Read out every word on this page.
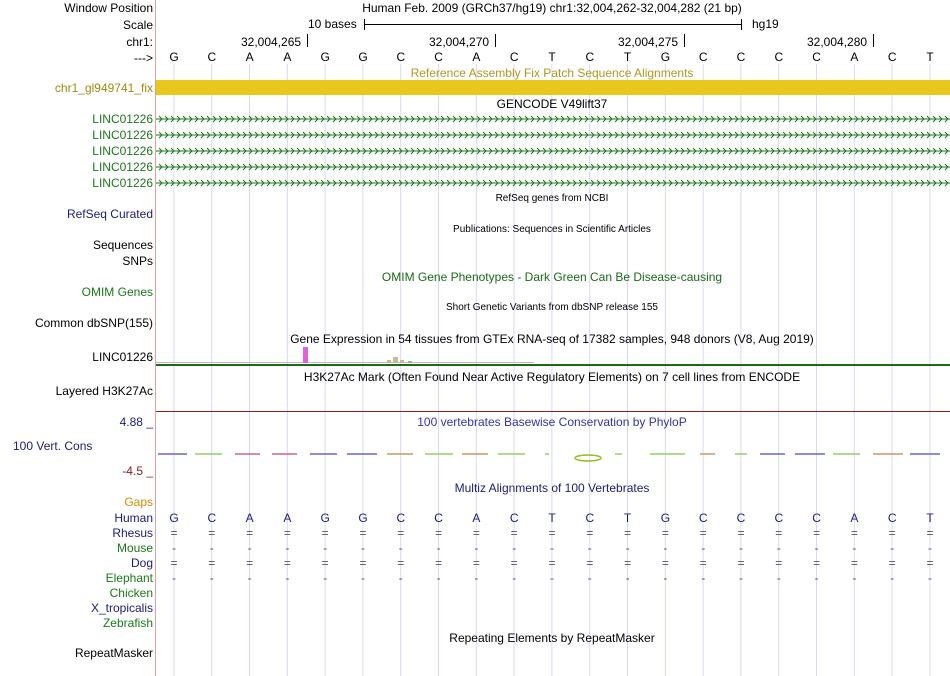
Window Position	Human Feb. 2009 (GRCh37/hg19) chr1:32,004,262-32,004,282 (21 bp)
Scale	10 bases	hg19
chr1:	32,004,265	32,004,270	32,004,275	32,004,280
--->	G	C	A	A	G	G	C	C	A	C	T	C	T	G	C	C	C	C	A	C	T
Reference Assembly Fix Patch Sequence Alignments
chr1_gl949741_fix
GENCODE V49lift37
LINC01226
LINC01226
LINC01226
LINC01226
LINC01226
RefSeq genes from NCBI
RefSeq Curated
Publications: Sequences in Scientific Articles
Sequences
SNPs
OMIM Gene Phenotypes - Dark Green Can Be Disease-causing
OMIM Genes
Short Genetic Variants from dbSNP release 155
Common dbSNP(155)
Gene Expression in 54 tissues from GTEx RNA-seq of 17382 samples, 948 donors (V8, Aug 2019)
LINC01226
H3K27Ac Mark (Often Found Near Active Regulatory Elements) on 7 cell lines from ENCODE
Layered H3K27Ac
100 vertebrates Basewise Conservation by PhyloP
4.88 _
100 Vert. Cons
-4.5 _
Multiz Alignments of 100 Vertebrates
Gaps
Human	G	C	A	A	G	G	C	C	A	C	T	C	T	G	C	C	C	C	A	C	T
Rhesus	=	=	=	=	=	=	=	=	=	=	=	=	=	=	=	=	=	=	=	=	=
Mouse	-	-	-	-	-	-	-	-	-	-	-	-	-	-	-	-	-	-	-	-	-
Dog	=	=	=	=	=	=	=	=	=	=	=	=	=	=	=	=	=	=	=	=	=
Elephant	-	-	-	-	-	-	-	-	-	-	-	-	-	-	-	-	-	-	-	-	-
Chicken
X_tropicalis
Zebrafish
Repeating Elements by RepeatMasker
RepeatMasker
